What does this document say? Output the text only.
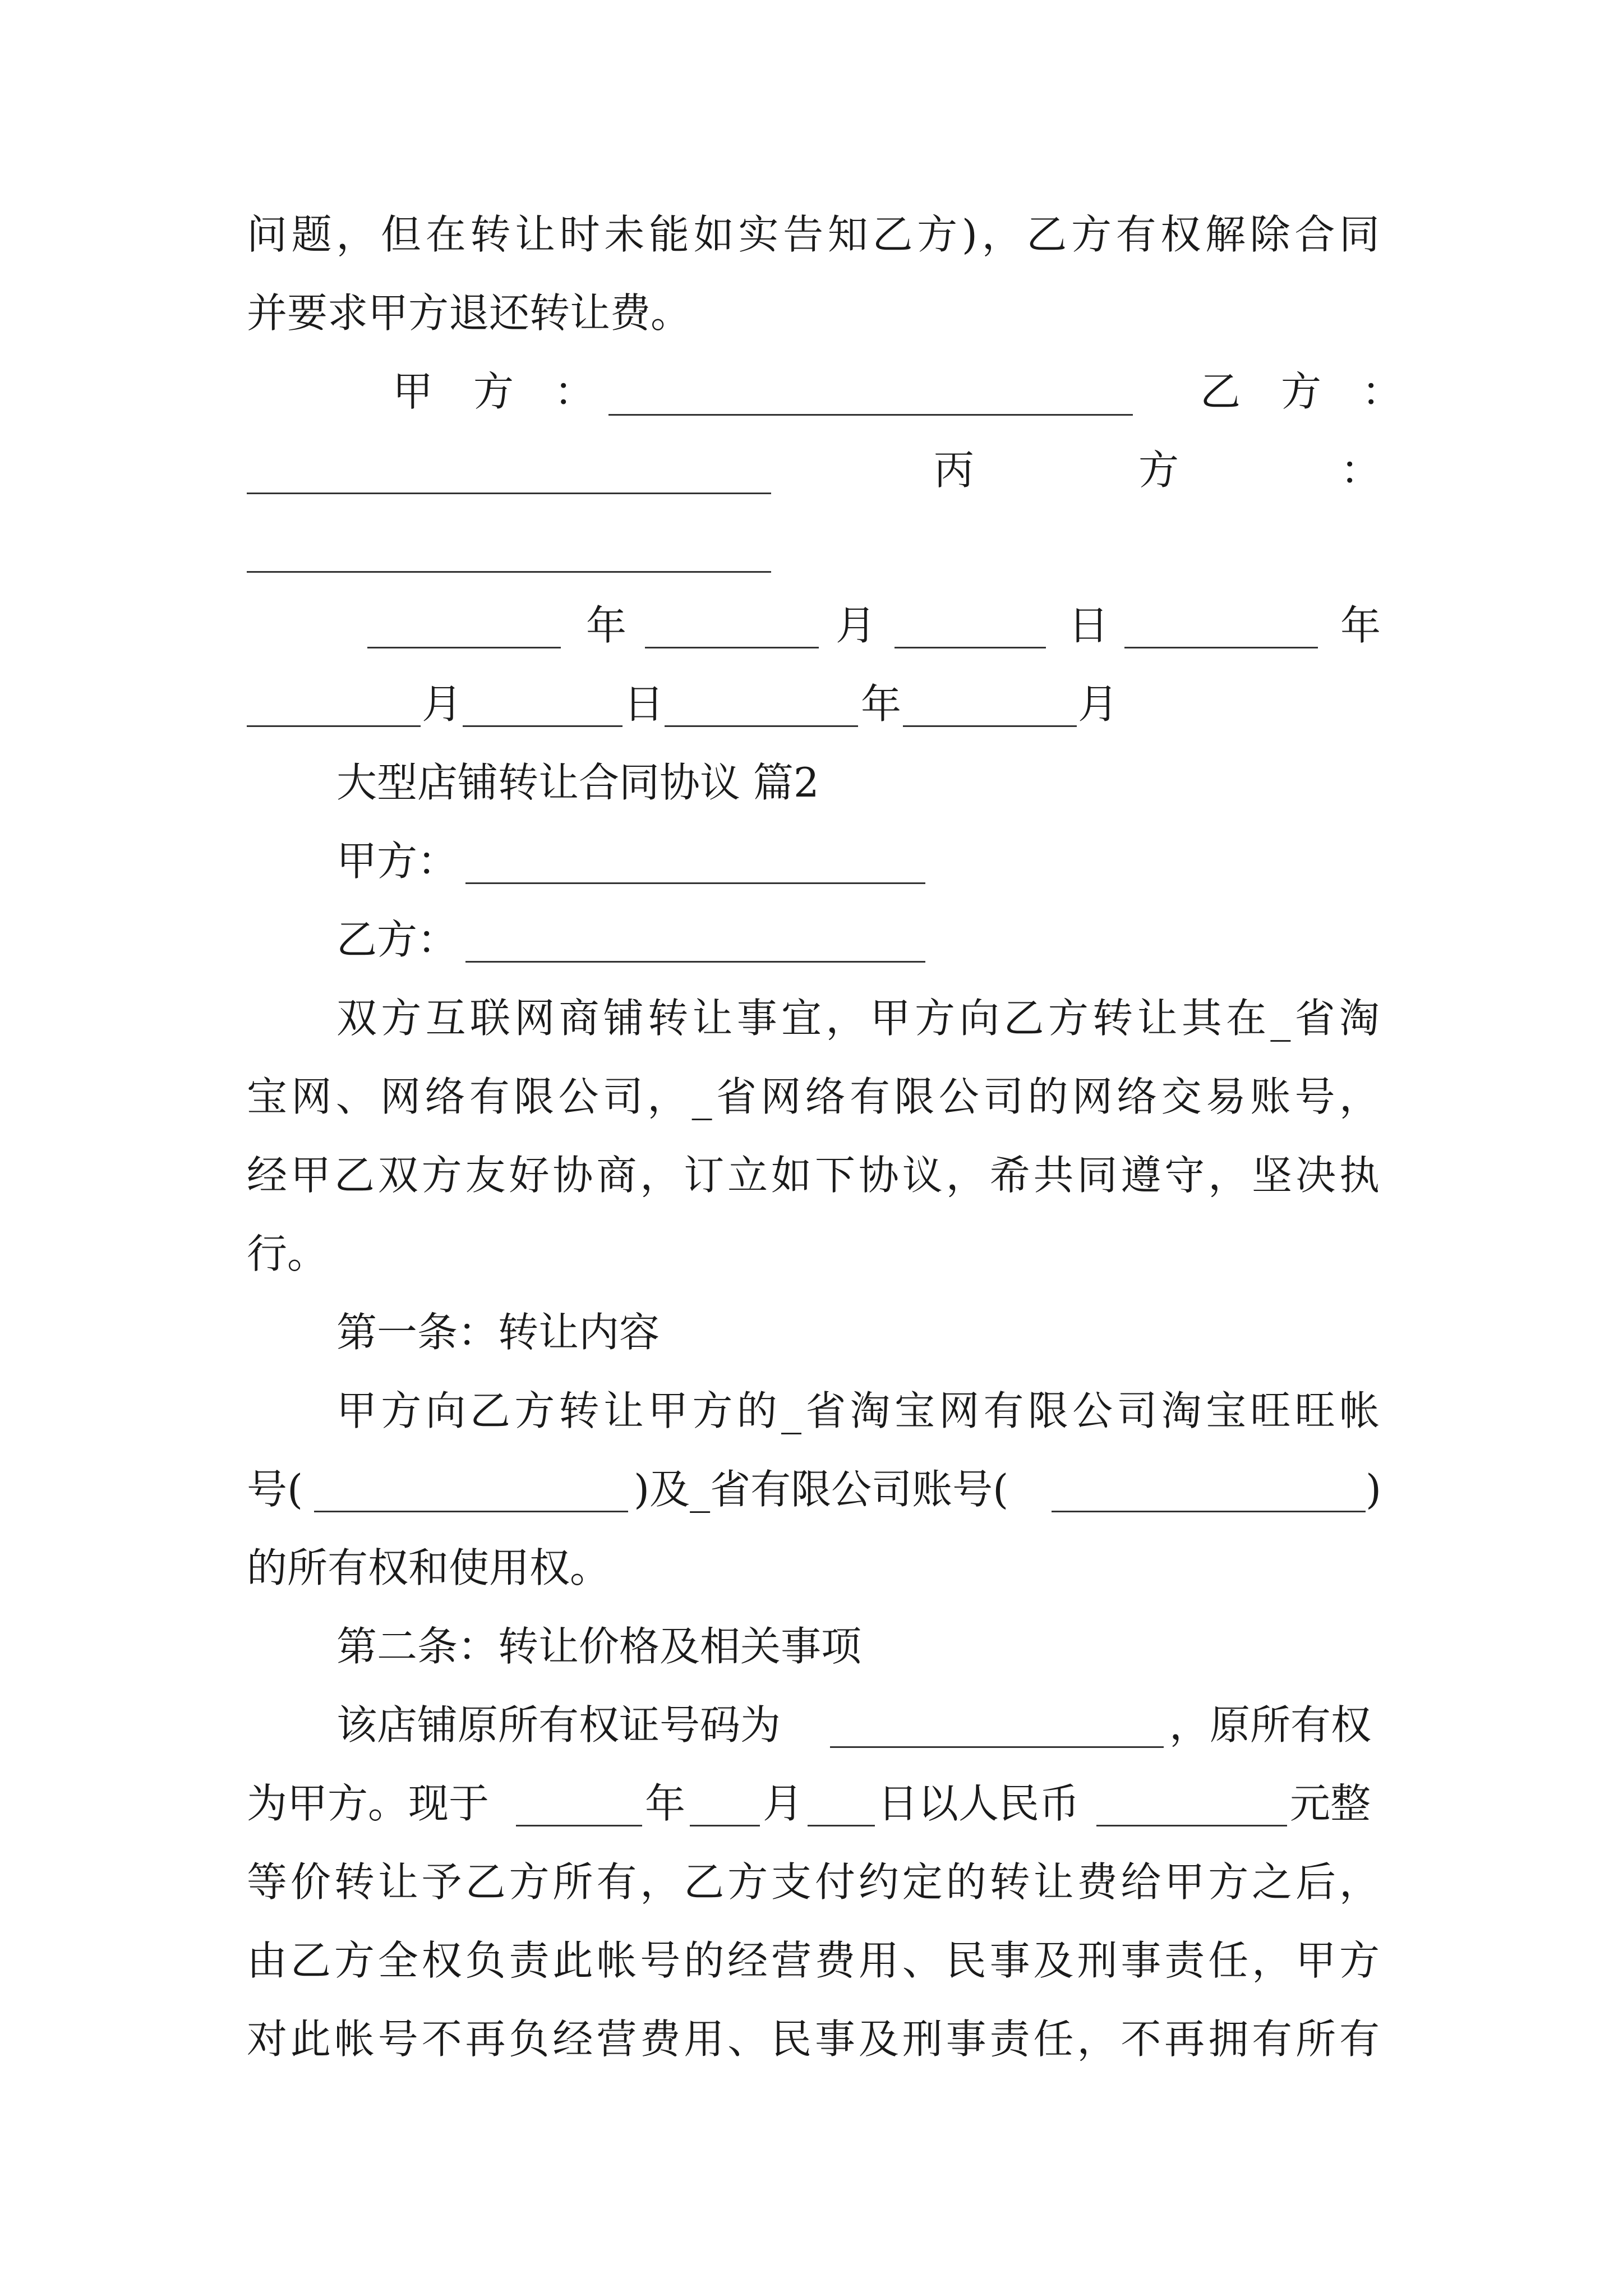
问题，但在转让时未能如实告知乙方)，乙方有权解除合同
并要求甲方退还转让费。
甲　方　：	乙　方　：
丙	方	：
年	月	日	年
月	日	年	月
大型店铺转让合同协议 篇2
甲方：
乙方：
双方互联网商铺转让事宜，甲方向乙方转让其在_省淘
宝网、网络有限公司，_省网络有限公司的网络交易账号，
经甲乙双方友好协商，订立如下协议，希共同遵守，坚决执
行。
第一条：转让内容
甲方向乙方转让甲方的_省淘宝网有限公司淘宝旺旺帐
号(	)及_省有限公司账号(	)
的所有权和使用权。
第二条：转让价格及相关事项
该店铺原所有权证号码为	，原所有权
为甲方。现于	年 月 日以人民币	元整
等价转让予乙方所有，乙方支付约定的转让费给甲方之后，
由乙方全权负责此帐号的经营费用、民事及刑事责任，甲方
对此帐号不再负经营费用、民事及刑事责任，不再拥有所有
